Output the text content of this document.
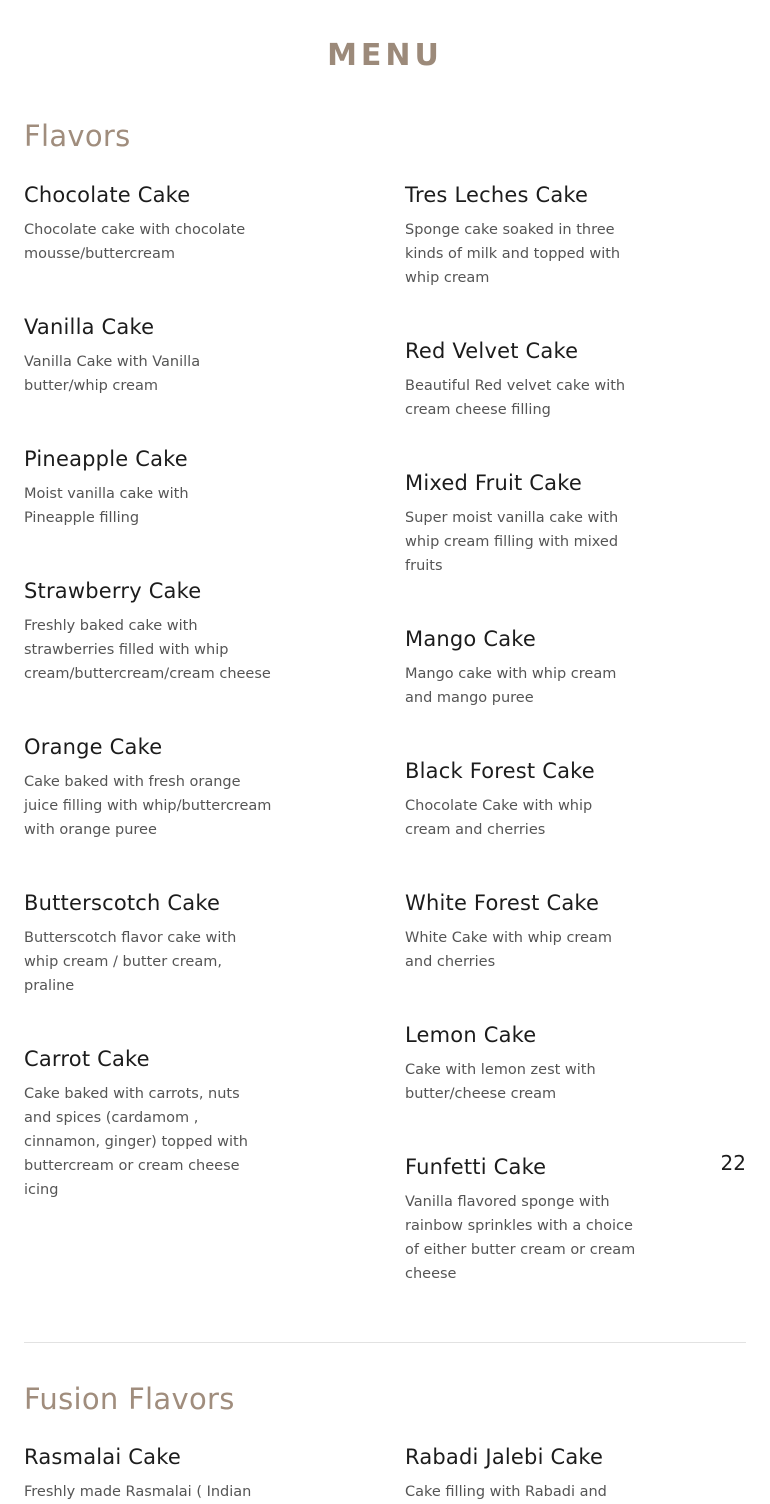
MENU
Flavors
Chocolate Cake
Chocolate cake with chocolate
mousse/buttercream
Vanilla Cake
Vanilla Cake with Vanilla
butter/whip cream
Pineapple Cake
Moist vanilla cake with
Pineapple filling
Strawberry Cake
Freshly baked cake with
strawberries filled with whip
cream/buttercream/cream cheese
Orange Cake
Cake baked with fresh orange
juice filling with whip/buttercream
with orange puree
Butterscotch Cake
Butterscotch flavor cake with
whip cream / butter cream,
praline
Carrot Cake
Cake baked with carrots, nuts
and spices (cardamom ,
cinnamon, ginger) topped with
buttercream or cream cheese
icing
Tres Leches Cake
Sponge cake soaked in three
kinds of milk and topped with
whip cream
Red Velvet Cake
Beautiful Red velvet cake with
cream cheese filling
Mixed Fruit Cake
Super moist vanilla cake with
whip cream filling with mixed
fruits
Mango Cake
Mango cake with whip cream
and mango puree
Black Forest Cake
Chocolate Cake with whip
cream and cherries
White Forest Cake
White Cake with whip cream
and cherries
Lemon Cake
Cake with lemon zest with
butter/cheese cream
Funfetti Cake
Vanilla flavored sponge with
rainbow sprinkles with a choice
of either butter cream or cream
cheese
22
Fusion Flavors
Rasmalai Cake
Freshly made Rasmalai ( Indian
Rabadi Jalebi Cake
Cake filling with Rabadi and
